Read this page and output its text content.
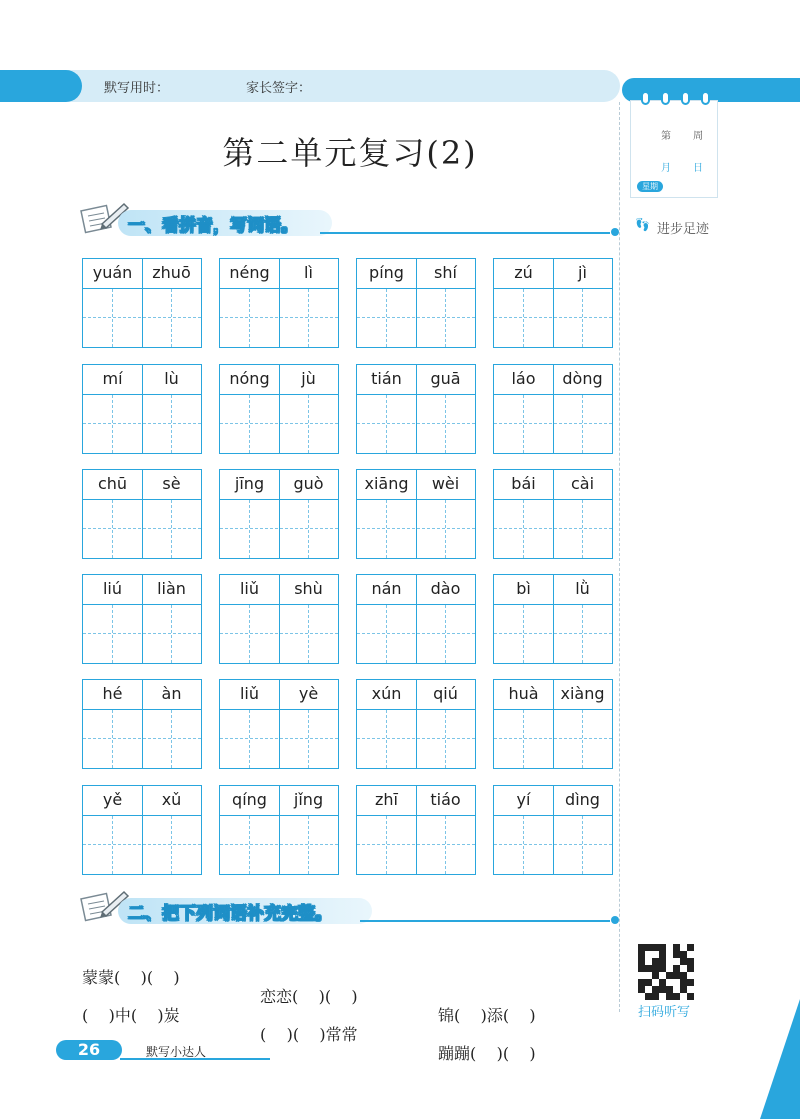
默写用时：	家长签字：
第 周
月 日
星期
👣︎ 进步足迹
第二单元复习(2)
一、看拼音，写词语。
yuán	zhuō	néng	lì	píng	shí	zú	jì
mí	lù	nóng	jù	tián	guā	láo	dòng
chū	sè	jīng	guò	xiāng	wèi	bái	cài
liú	liàn	liǔ	shù	nán	dào	bì	lǜ
hé	àn	liǔ	yè	xún	qiú	huà	xiàng
yě	xǔ	qíng	jǐng	zhī	tiáo	yí	dìng
二、把下列词语补充完整。

蒙蒙(    )(    )

恋恋(    )(    )

锦(    )添(    )

(    )中(    )炭

(    )(    )常常

蹦蹦(    )(    )

扫码听写
26	默写小达人
